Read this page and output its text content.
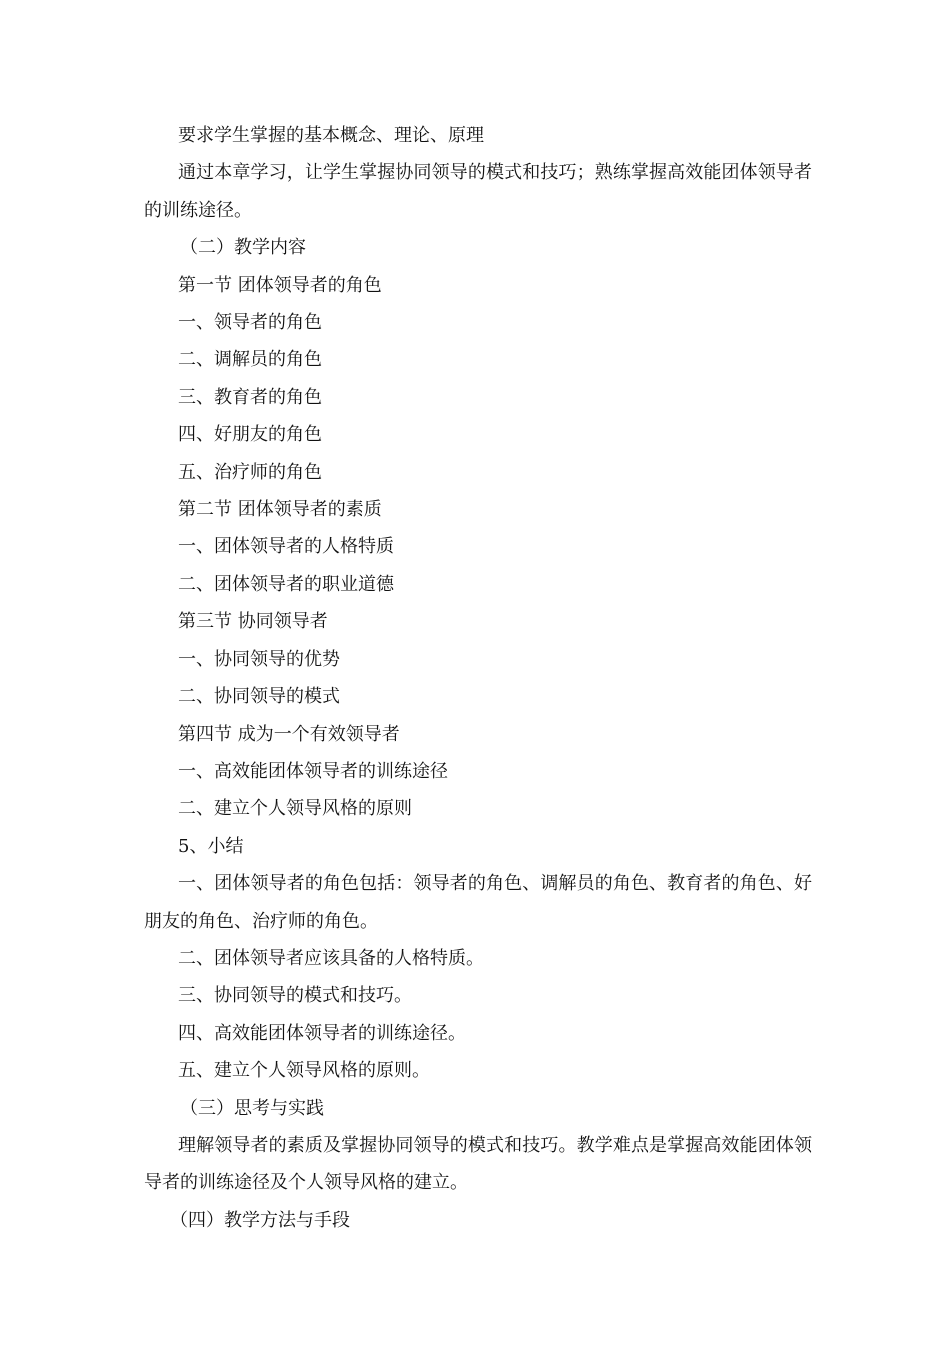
要求学生掌握的基本概念、理论、原理
通过本章学习，让学生掌握协同领导的模式和技巧；熟练掌握高效能团体领导者的训练途径。
（二）教学内容
第一节 团体领导者的角色
一、领导者的角色
二、调解员的角色
三、教育者的角色
四、好朋友的角色
五、治疗师的角色
第二节 团体领导者的素质
一、团体领导者的人格特质
二、团体领导者的职业道德
第三节 协同领导者
一、协同领导的优势
二、协同领导的模式
第四节 成为一个有效领导者
一、高效能团体领导者的训练途径
二、建立个人领导风格的原则
5、小结
一、团体领导者的角色包括：领导者的角色、调解员的角色、教育者的角色、好朋友的角色、治疗师的角色。
二、团体领导者应该具备的人格特质。
三、协同领导的模式和技巧。
四、高效能团体领导者的训练途径。
五、建立个人领导风格的原则。
（三）思考与实践
理解领导者的素质及掌握协同领导的模式和技巧。教学难点是掌握高效能团体领导者的训练途径及个人领导风格的建立。
（四）教学方法与手段
